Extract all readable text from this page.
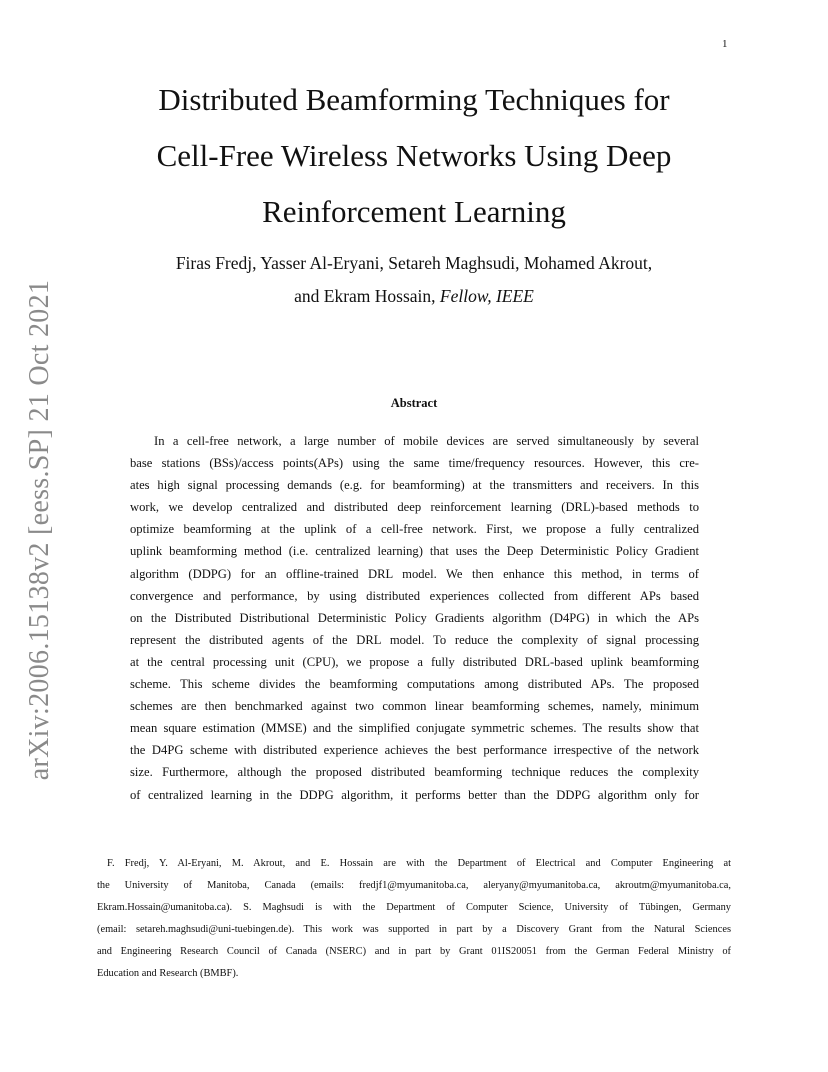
1
arXiv:2006.15138v2 [eess.SP] 21 Oct 2021
Distributed Beamforming Techniques for
Cell-Free Wireless Networks Using Deep
Reinforcement Learning
Firas Fredj, Yasser Al-Eryani, Setareh Maghsudi, Mohamed Akrout,
and Ekram Hossain, Fellow, IEEE
Abstract

In a cell-free network, a large number of mobile devices are served simultaneously by several
base stations (BSs)/access points(APs) using the same time/frequency resources. However, this cre-
ates high signal processing demands (e.g. for beamforming) at the transmitters and receivers. In this
work, we develop centralized and distributed deep reinforcement learning (DRL)-based methods to
optimize beamforming at the uplink of a cell-free network. First, we propose a fully centralized
uplink beamforming method (i.e. centralized learning) that uses the Deep Deterministic Policy Gradient
algorithm (DDPG) for an offline-trained DRL model. We then enhance this method, in terms of
convergence and performance, by using distributed experiences collected from different APs based
on the Distributed Distributional Deterministic Policy Gradients algorithm (D4PG) in which the APs
represent the distributed agents of the DRL model. To reduce the complexity of signal processing
at the central processing unit (CPU), we propose a fully distributed DRL-based uplink beamforming
scheme. This scheme divides the beamforming computations among distributed APs. The proposed
schemes are then benchmarked against two common linear beamforming schemes, namely, minimum
mean square estimation (MMSE) and the simplified conjugate symmetric schemes. The results show that
the D4PG scheme with distributed experience achieves the best performance irrespective of the network
size. Furthermore, although the proposed distributed beamforming technique reduces the complexity
of centralized learning in the DDPG algorithm, it performs better than the DDPG algorithm only for

F. Fredj, Y. Al-Eryani, M. Akrout, and E. Hossain are with the Department of Electrical and Computer Engineering at
the University of Manitoba, Canada (emails: fredjf1@myumanitoba.ca, aleryany@myumanitoba.ca, akroutm@myumanitoba.ca,
Ekram.Hossain@umanitoba.ca). S. Maghsudi is with the Department of Computer Science, University of Tübingen, Germany
(email: setareh.maghsudi@uni-tuebingen.de). This work was supported in part by a Discovery Grant from the Natural Sciences
and Engineering Research Council of Canada (NSERC) and in part by Grant 01IS20051 from the German Federal Ministry of
Education and Research (BMBF).
